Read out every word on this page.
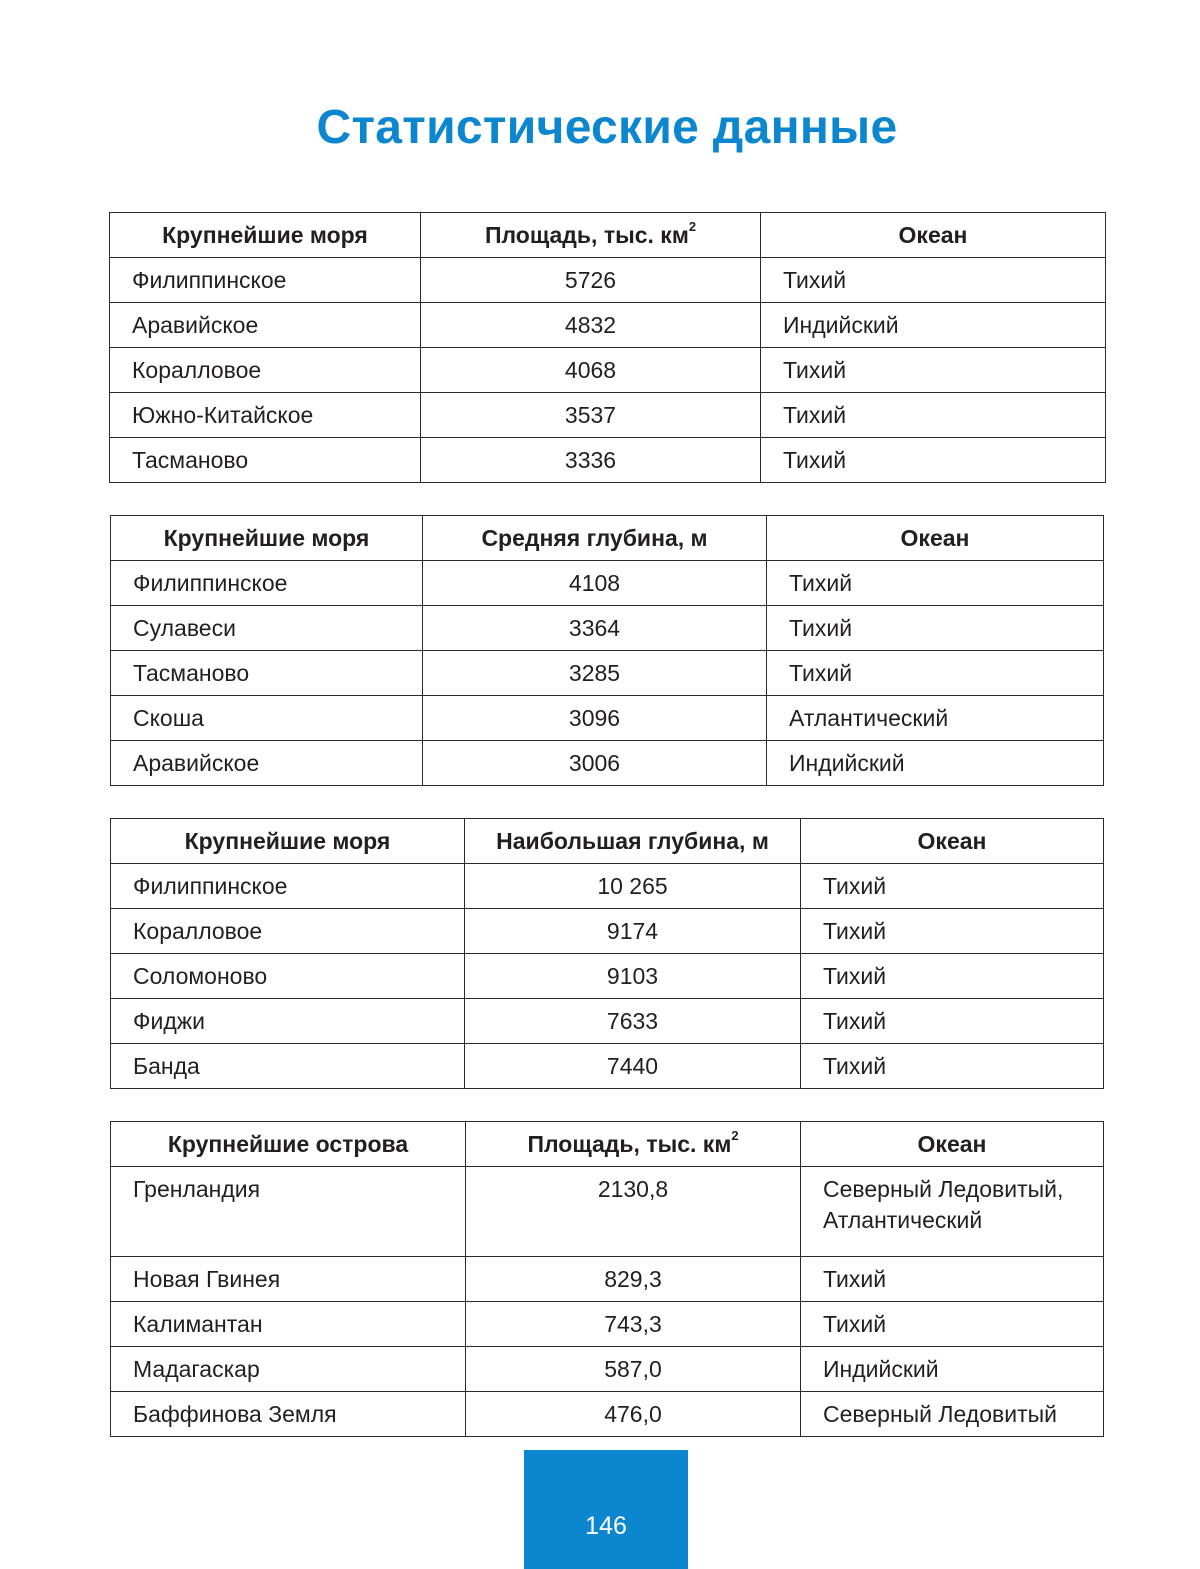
Статистические данные
Крупнейшие моря	Площадь, тыс. $км^2$	Океан
Филиппинское	5726	Тихий
Аравийское	4832	Индийский
Коралловое	4068	Тихий
Южно-Китайское	3537	Тихий
Тасманово	3336	Тихий
Крупнейшие моря	Средняя глубина, м	Океан
Филиппинское	4108	Тихий
Сулавеси	3364	Тихий
Тасманово	3285	Тихий
Скоша	3096	Атлантический
Аравийское	3006	Индийский
Крупнейшие моря	Наибольшая глубина, м	Океан
Филиппинское	10 265	Тихий
Коралловое	9174	Тихий
Соломоново	9103	Тихий
Фиджи	7633	Тихий
Банда	7440	Тихий
Крупнейшие острова	Площадь, тыс. $км^2$	Океан
Гренландия	2130,8	Северный Ледовитый, Атлантический
Новая Гвинея	829,3	Тихий
Калимантан	743,3	Тихий
Мадагаскар	587,0	Индийский
Баффинова Земля	476,0	Северный Ледовитый
146
